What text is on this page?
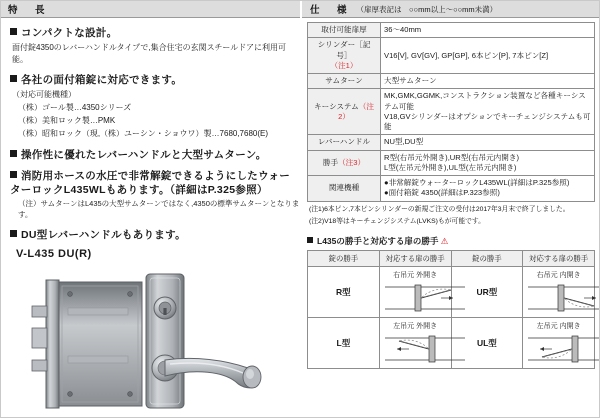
特　長
コンパクトな設計。
面付錠4350のレバーハンドルタイプで,集合住宅の玄関スチールドアに利用可能。
各社の面付箱錠に対応できます。
（対応可能機種）
（株）ゴール製…4350シリーズ
（株）美和ロック製…PMK
（株）昭和ロック（現,（株）ユーシン・ショウワ）製…7680,7680(E)
操作性に優れたレバーハンドルと大型サムターン。
消防用ホースの水圧で非常解錠できるようにしたウォーターロックL435WLもあります。（詳細はP.325参照）
（注）サムターンはL435の大型サムターンではなく,4350の標準サムターンとなります。
DU型レバーハンドルもあります。
V-L435 DU(R)
仕　様 （扉厚表記は　○○mm以上～○○mm未満）
取付可能扉厚	36～40mm
シリンダー［記号］
（注1）	V16[V], GV[GV], GP[GP], 6本ピン[P], 7本ピン[Z]
サムターン	大型サムターン
キーシステム（注2）	MK,GMK,GGMK,コンストラクション装置など各種キーシステム可能
V18,GVシリンダーはオプションでキーチェンジシステムも可能

レバーハンドル	NU型,DU型
勝手（注3）	R型(右吊元外開き),UR型(右吊元内開き)
L型(左吊元外開き),UL型(左吊元内開き)

関連機種	●非常解錠ウォーターロックL435WL(詳細はP.325参照)
●面付箱錠 4350(詳細はP.323参照)
(注1)6本ピン,7本ピンシリンダーの新規ご注文の受付は2017年3月末で終了しました。
(注2)V18等はキーチェンジシステム(LVKS)もが可能です。
L435の勝手と対応する扉の勝手 ⚠
錠の勝手	対応する扉の勝手	錠の勝手	対応する扉の勝手
R型	右吊元 外開き	UR型	右吊元 内開き

L型	左吊元 外開き	UL型	左吊元 内開き
